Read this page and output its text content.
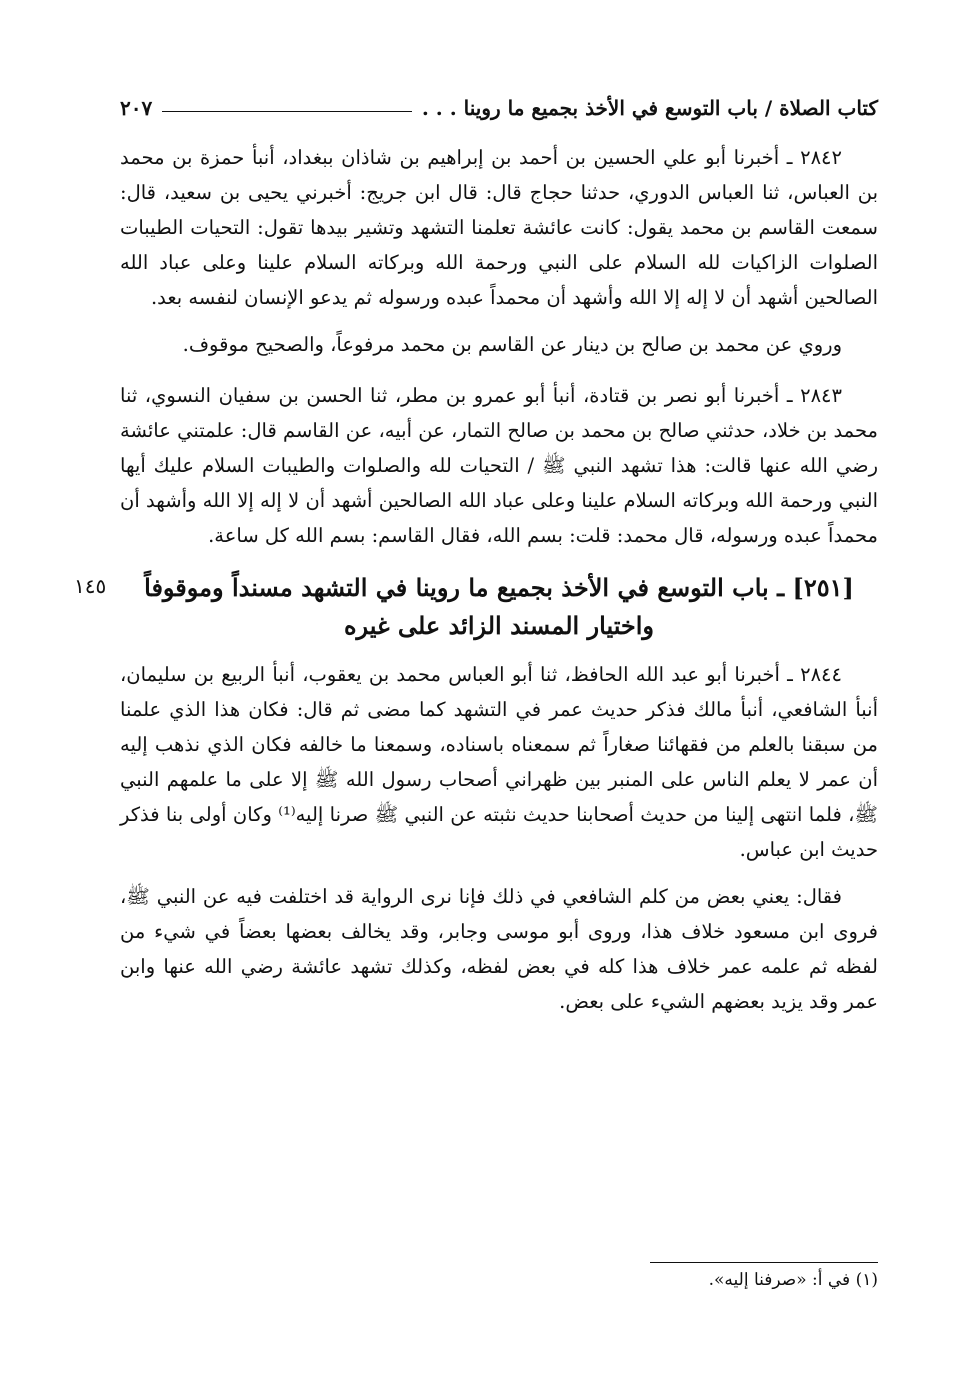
كتاب الصلاة / باب التوسع في الأخذ بجميع ما روينا . . .
٢٠٧

٢٨٤٢ ـ أخبرنا أبو علي الحسين بن أحمد بن إبراهيم بن شاذان ببغداد، أنبأ حمزة بن محمد بن العباس، ثنا العباس الدوري، حدثنا حجاج قال: قال ابن جريج: أخبرني يحيى بن سعيد، قال: سمعت القاسم بن محمد يقول: كانت عائشة تعلمنا التشهد وتشير بيدها تقول: التحيات الطيبات الصلوات الزاكيات لله السلام على النبي ورحمة الله وبركاته السلام علينا وعلى عباد الله الصالحين أشهد أن لا إله إلا الله وأشهد أن محمداً عبده ورسوله ثم يدعو الإنسان لنفسه بعد.

وروي عن محمد بن صالح بن دينار عن القاسم بن محمد مرفوعاً، والصحيح موقوف.

٢٨٤٣ ـ أخبرنا أبو نصر بن قتادة، أنبأ أبو عمرو بن مطر، ثنا الحسن بن سفيان النسوي، ثنا محمد بن خلاد، حدثني صالح بن محمد بن صالح التمار، عن أبيه، عن القاسم قال: علمتني عائشة رضي الله عنها قالت: هذا تشهد النبي ﷺ / التحيات لله والصلوات والطيبات السلام عليك أيها النبي ورحمة الله وبركاته السلام علينا وعلى عباد الله الصالحين أشهد أن لا إله إلا الله وأشهد أن محمداً عبده ورسوله، قال محمد: قلت: بسم الله، فقال القاسم: بسم الله كل ساعة.

[٢٥١] ـ باب التوسع في الأخذ بجميع ما روينا في التشهد مسنداً وموقوفاً
واختيار المسند الزائد على غيره

٢٨٤٤ ـ أخبرنا أبو عبد الله الحافظ، ثنا أبو العباس محمد بن يعقوب، أنبأ الربيع بن سليمان، أنبأ الشافعي، أنبأ مالك فذكر حديث عمر في التشهد كما مضى ثم قال: فكان هذا الذي علمنا من سبقنا بالعلم من فقهائنا صغاراً ثم سمعناه باسناده، وسمعنا ما خالفه فكان الذي نذهب إليه أن عمر لا يعلم الناس على المنبر بين ظهراني أصحاب رسول الله ﷺ إلا على ما علمهم النبي ﷺ، فلما انتهى إلينا من حديث أصحابنا حديث نثبته عن النبي ﷺ صرنا إليه⁽¹⁾ وكان أولى بنا فذكر حديث ابن عباس.

فقال: يعني بعض من كلم الشافعي في ذلك فإنا نرى الرواية قد اختلفت فيه عن النبي ﷺ، فروى ابن مسعود خلاف هذا، وروى أبو موسى وجابر، وقد يخالف بعضها بعضاً في شيء من لفظه ثم علمه عمر خلاف هذا كله في بعض لفظه، وكذلك تشهد عائشة رضي الله عنها وابن عمر وقد يزيد بعضهم الشيء على بعض.

١٤٥
(١) في أ: «صرفنا إليه».
